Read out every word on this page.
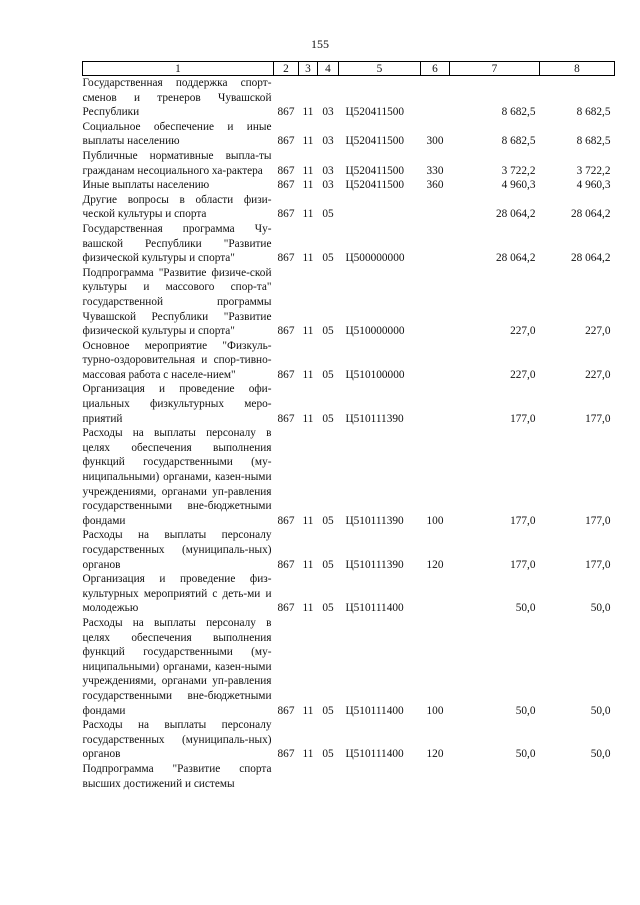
155
1	2	3	4	5	6	7	8
Государственная поддержка спорт-сменов и тренеров Чувашской Республики	867	11	03	Ц520411500		8 682,5	8 682,5
Социальное обеспечение и иные выплаты населению	867	11	03	Ц520411500	300	8 682,5	8 682,5
Публичные нормативные выпла-ты гражданам несоциального ха-рактера	867	11	03	Ц520411500	330	3 722,2	3 722,2
Иные выплаты населению	867	11	03	Ц520411500	360	4 960,3	4 960,3
Другие вопросы в области физи-ческой культуры и спорта	867	11	05			28 064,2	28 064,2
Государственная программа Чу-вашской Республики "Развитие физической культуры и спорта"	867	11	05	Ц500000000		28 064,2	28 064,2
Подпрограмма "Развитие физиче-ской культуры и массового спор-та" государственной программы Чувашской Республики "Развитие физической культуры и спорта"	867	11	05	Ц510000000		227,0	227,0
Основное мероприятие "Физкуль-турно-оздоровительная и спор-тивно-массовая работа с населе-нием"	867	11	05	Ц510100000		227,0	227,0
Организация и проведение офи-циальных физкультурных меро-приятий	867	11	05	Ц510111390		177,0	177,0
Расходы на выплаты персоналу в целях обеспечения выполнения функций государственными (му-ниципальными) органами, казен-ными учреждениями, органами уп-равления государственными вне-бюджетными фондами	867	11	05	Ц510111390	100	177,0	177,0
Расходы на выплаты персоналу государственных (муниципаль-ных) органов	867	11	05	Ц510111390	120	177,0	177,0
Организация и проведение физ-культурных мероприятий с деть-ми и молодежью	867	11	05	Ц510111400		50,0	50,0
Расходы на выплаты персоналу в целях обеспечения выполнения функций государственными (му-ниципальными) органами, казен-ными учреждениями, органами уп-равления государственными вне-бюджетными фондами	867	11	05	Ц510111400	100	50,0	50,0
Расходы на выплаты персоналу государственных (муниципаль-ных) органов	867	11	05	Ц510111400	120	50,0	50,0
Подпрограмма "Развитие спорта высших достижений и системы							
